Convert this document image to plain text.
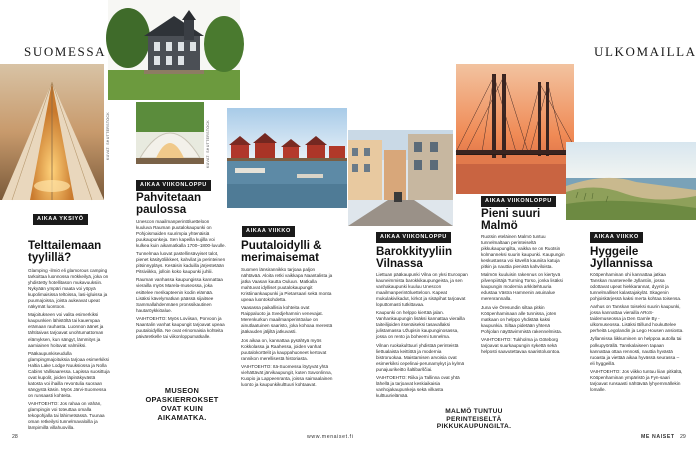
SUOMESSA	ULKOMAILLA
KUVAT: SHUTTERSTOCK	KUVAT: SHUTTERSTOCK
AIKAA YKSIYÖ
Telttailemaan
tyylillä?

Glamping -ilmiö eli glamorous camping tarkoittaa luonnossa mökkeilyä, joka on yhdistetty hotellitason mukavuuksiin. Nykyään ympäri maata voi yöpyä kupolimaisissa teltoissa, lasi-igluissa ja puumajoissa, joista aukeavat upeat näkymät luontoon.

Majoitukseen voi valita esimerkiksi kaupunkien lähistöltä tai kauempaa erämaan rauhasta. Luonnon äänet ja tähtitaivas tarjoavat unohtumattoman elämyksen, kun sängyt, lämmitys ja aamiainen hoituvat valmiiksi.

Pääkaupunkiseudulla glampingmajoituksia tarjoaa esimerkiksi Haltia Lake Lodge Nuuksiossa ja Nolla Cabins Vallisaaressa. Lapissa suosittuja ovat kupolit, joiden läpinäkyvästä katosta voi ihailla revontulia suoraan sängystä käsin. Myös Järvi-Suomessa on runsaasti kohteita.

VAIHTOEHTO: Jos rahaa on vähän, glampingin voi toteuttaa omalla tekopohjalla tai lähimetsässä. Tuunaa oman retkeilysi tunnelmavaloilla ja lämpimillä villahuovilla.

AIKAA VIIKONLOPPU
Pahvitetaan
paulossa

Unescon maailmanperintöluetteloon kuuluva Rauman puutalokaupunki on Pohjoismaiden suurimpia yhtenäisiä puukaupunkeja. Sen kapeilla kujilla voi kulkea kuin aikamatkalla 1700–1800-luvulle.

Tunnelmaa luovat pastellinsävyiset talot, pienet käsityöliikkeet, kahvilat ja perinteinen pitsinnypläys. Kesäisin kaduilla järjestetään Pitsiviikko, jolloin koko kaupunki juhlii.

Rauman vanhassa kaupungissa kannattaa vierailla myös Marela-museossa, joka esittelee merikapteenin kodin elämää. Lisäksi kävelymatkan päässä sijaitsee Sammallahdenmäen pronssikautinen hautaröykkiöalue.

VAIHTOEHTO: Myös Loviisan, Porvoon ja Naantalin vanhat kaupungit tarjoavat upeaa puutaloidylliä. Ne ovat erinomaisia kohteita päiväretkelle tai viikonloppumatkalle.

MUSEON
OPASKIERROKSET
OVAT KUIN
AIKAMATKA.
AIKAA VIIKKO
Puutaloidylli &
merimaisemat

Suomen länsirannikko tarjoaa paljon nähtävää. Aloita retki vaikkapa Naantalista ja jatka Vaasan kautta Ouluun. Matkalla mahtuvat idylliset puutalokaupungit Kristiinankaupunki ja Pietarsaari sekä monta upeaa luontokohdetta.

Vaasassa paikallisia kohteita ovat Raippaluoto ja Svedjehamnin venevajat. Merenkurkun maailmanperintöalue on ainutlaatuinen saaristo, joka kohoaa merestä jääkauden jäljiltä jatkuvasti.

Jos aikaa on, kannattaa pysähtyä myös Kokkolassa ja Raahessa, joiden vanhat puutalokorttelit ja kauppahuoneet kertovat rannikon merellisestä historiasta.

VAIHTOEHTO: Itä-Suomessa löytyvät yhtä viehättävät järvikaupungit, kuten Savonlinna, Kuopio ja Lappeenranta, joissa saimaalainen luonto ja kaupunkikulttuuri kohtaavat.

AIKAA VIIKONLOPPU
Barokkityyliin
Vilnassa

Liettuan pääkaupunki Vilna on yksi Euroopan kauneimmista barokkikaupungeista, ja sen vanhakaupunki kuuluu Unescon maailmanperintöluetteloon. Kapeat mukulakivikadut, kirkot ja sisäpihat tarjoavat loputtomasti tutkittavaa.

Kaupunki on helppo kiertää jalan. Vanhankaupungin lisäksi kannattaa vierailla taiteilijoiden itsenäiseksi tasavallaksi julistamassa Užupisin kaupunginosassa, jossa on rento ja boheemi tunnelma.

Vilnan ruokakulttuuri yhdistää perinteistä liettualaista keittiötä ja modernia bistroruokaa. Maistamisen arvoisia ovat esimerkiksi cepelinai-perunamykyt ja kylmä punajuurikeitto šaltibarščiai.

VAIHTOEHTO: Riika ja Tallinna ovat yhtä lähellä ja tarjoavat keskiaikaisia vanhojakaupunkeja sekä vilkasta kulttuurielämää.

AIKAA VIIKONLOPPU
Pieni suuri
Malmö

Ruotsin eteläinen Malmö tuntuu tunnelmaltaan perinteiseltä pikkukaupungilta, vaikka se on Ruotsin kolmanneksi suurin kaupunki. Kaupungin keskustassa voi kävellä kauniita katuja pitkin ja nauttia pienistä kahviloista.

Malmön kuuluisin rakennus on kiertyvä pilvenpiirtäjä Turning Torso, jonka lisäksi kaupungin modernia arkkitehtuuria edustaa Västra Hamnenin asuinalue merenrannalla.

Juna vie Öresundin siltaa pitkin Kööpenhaminaan alle tunnissa, joten matkaan on helppo yhdistää kaksi kaupunkia. Siltaa pidetään yhtenä Pohjolan näyttävimmistä rakennelmista.

VAIHTOEHTO: Tukholma ja Göteborg tarjoavat suurkaupungin sykettä sekä helposti saavutettavaa saaristoluontoa.

MALMÖ TUNTUU
PERINTEISELTÄ
PIKKUKAUPUNGILTA.
AIKAA VIIKKO
Hyggeile
Jyllannissa

Kööpenhaminan ohi kannattaa jatkaa Tanskan mantereelle Jyllantiin, jossa odottavat upeat hiekkarannat, dyynit ja tunnelmalliset kalastajakylät. Skagenin pohjoiskärjessä kaksi merta kohtaa toisensa.

Aarhus on Tanskan toiseksi suurin kaupunki, jossa kannattaa vierailla ARoS-taidemuseossa ja Den Gamle By -ulkomuseossa. Lisäksi Billund houkuttelee perheitä Legolandin ja Lego Housen ansiosta.

Jyllannissa liikkuminen on helppoa autolla tai polkupyörällä. Tanskalaiseen tapaan kannattaa ottaa rennosti, nauttia hyvästä ruoasta ja viettää aikaa hyvässä seurassa – eli hyggeillä.

VAIHTOEHTO: Jos viikko tuntuu liian pitkältä, Kööpenhaminan ympäristö ja Fyn-saari tarjoavat runsaasti nähtävää lyhyemmällekin lomalle.

28	www.menaiset.fi	ME NAISET 29
